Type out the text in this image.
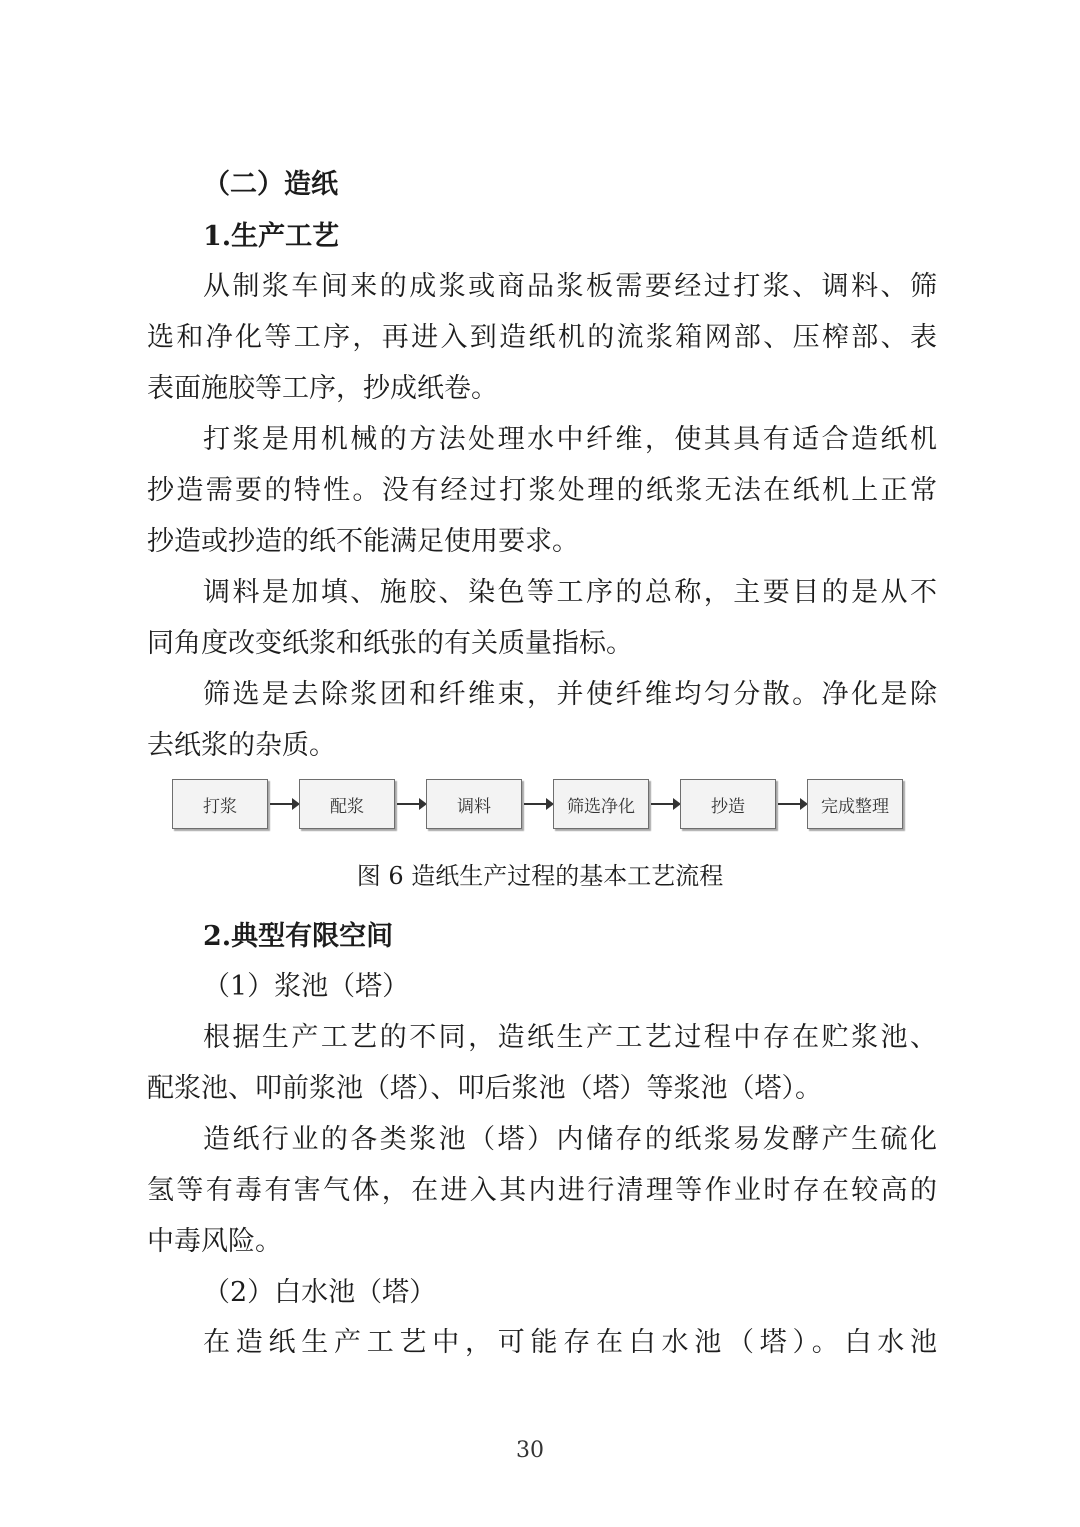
（二）造纸
1.生产工艺
从制浆车间来的成浆或商品浆板需要经过打浆、调料、筛
选和净化等工序，再进入到造纸机的流浆箱网部、压榨部、表
表面施胶等工序，抄成纸卷。
打浆是用机械的方法处理水中纤维，使其具有适合造纸机
抄造需要的特性。没有经过打浆处理的纸浆无法在纸机上正常
抄造或抄造的纸不能满足使用要求。
调料是加填、施胶、染色等工序的总称，主要目的是从不
同角度改变纸浆和纸张的有关质量指标。
筛选是去除浆团和纤维束，并使纤维均匀分散。净化是除
去纸浆的杂质。
打浆	配浆	调料	筛选净化	抄造	完成整理
图 6 造纸生产过程的基本工艺流程
2.典型有限空间
（1）浆池（塔）
根据生产工艺的不同，造纸生产工艺过程中存在贮浆池、
配浆池、叩前浆池（塔）、叩后浆池（塔）等浆池（塔）。
造纸行业的各类浆池（塔）内储存的纸浆易发酵产生硫化
氢等有毒有害气体，在进入其内进行清理等作业时存在较高的
中毒风险。
（2）白水池（塔）
在造纸生产工艺中，可能存在白水池（塔）。白水池
30
